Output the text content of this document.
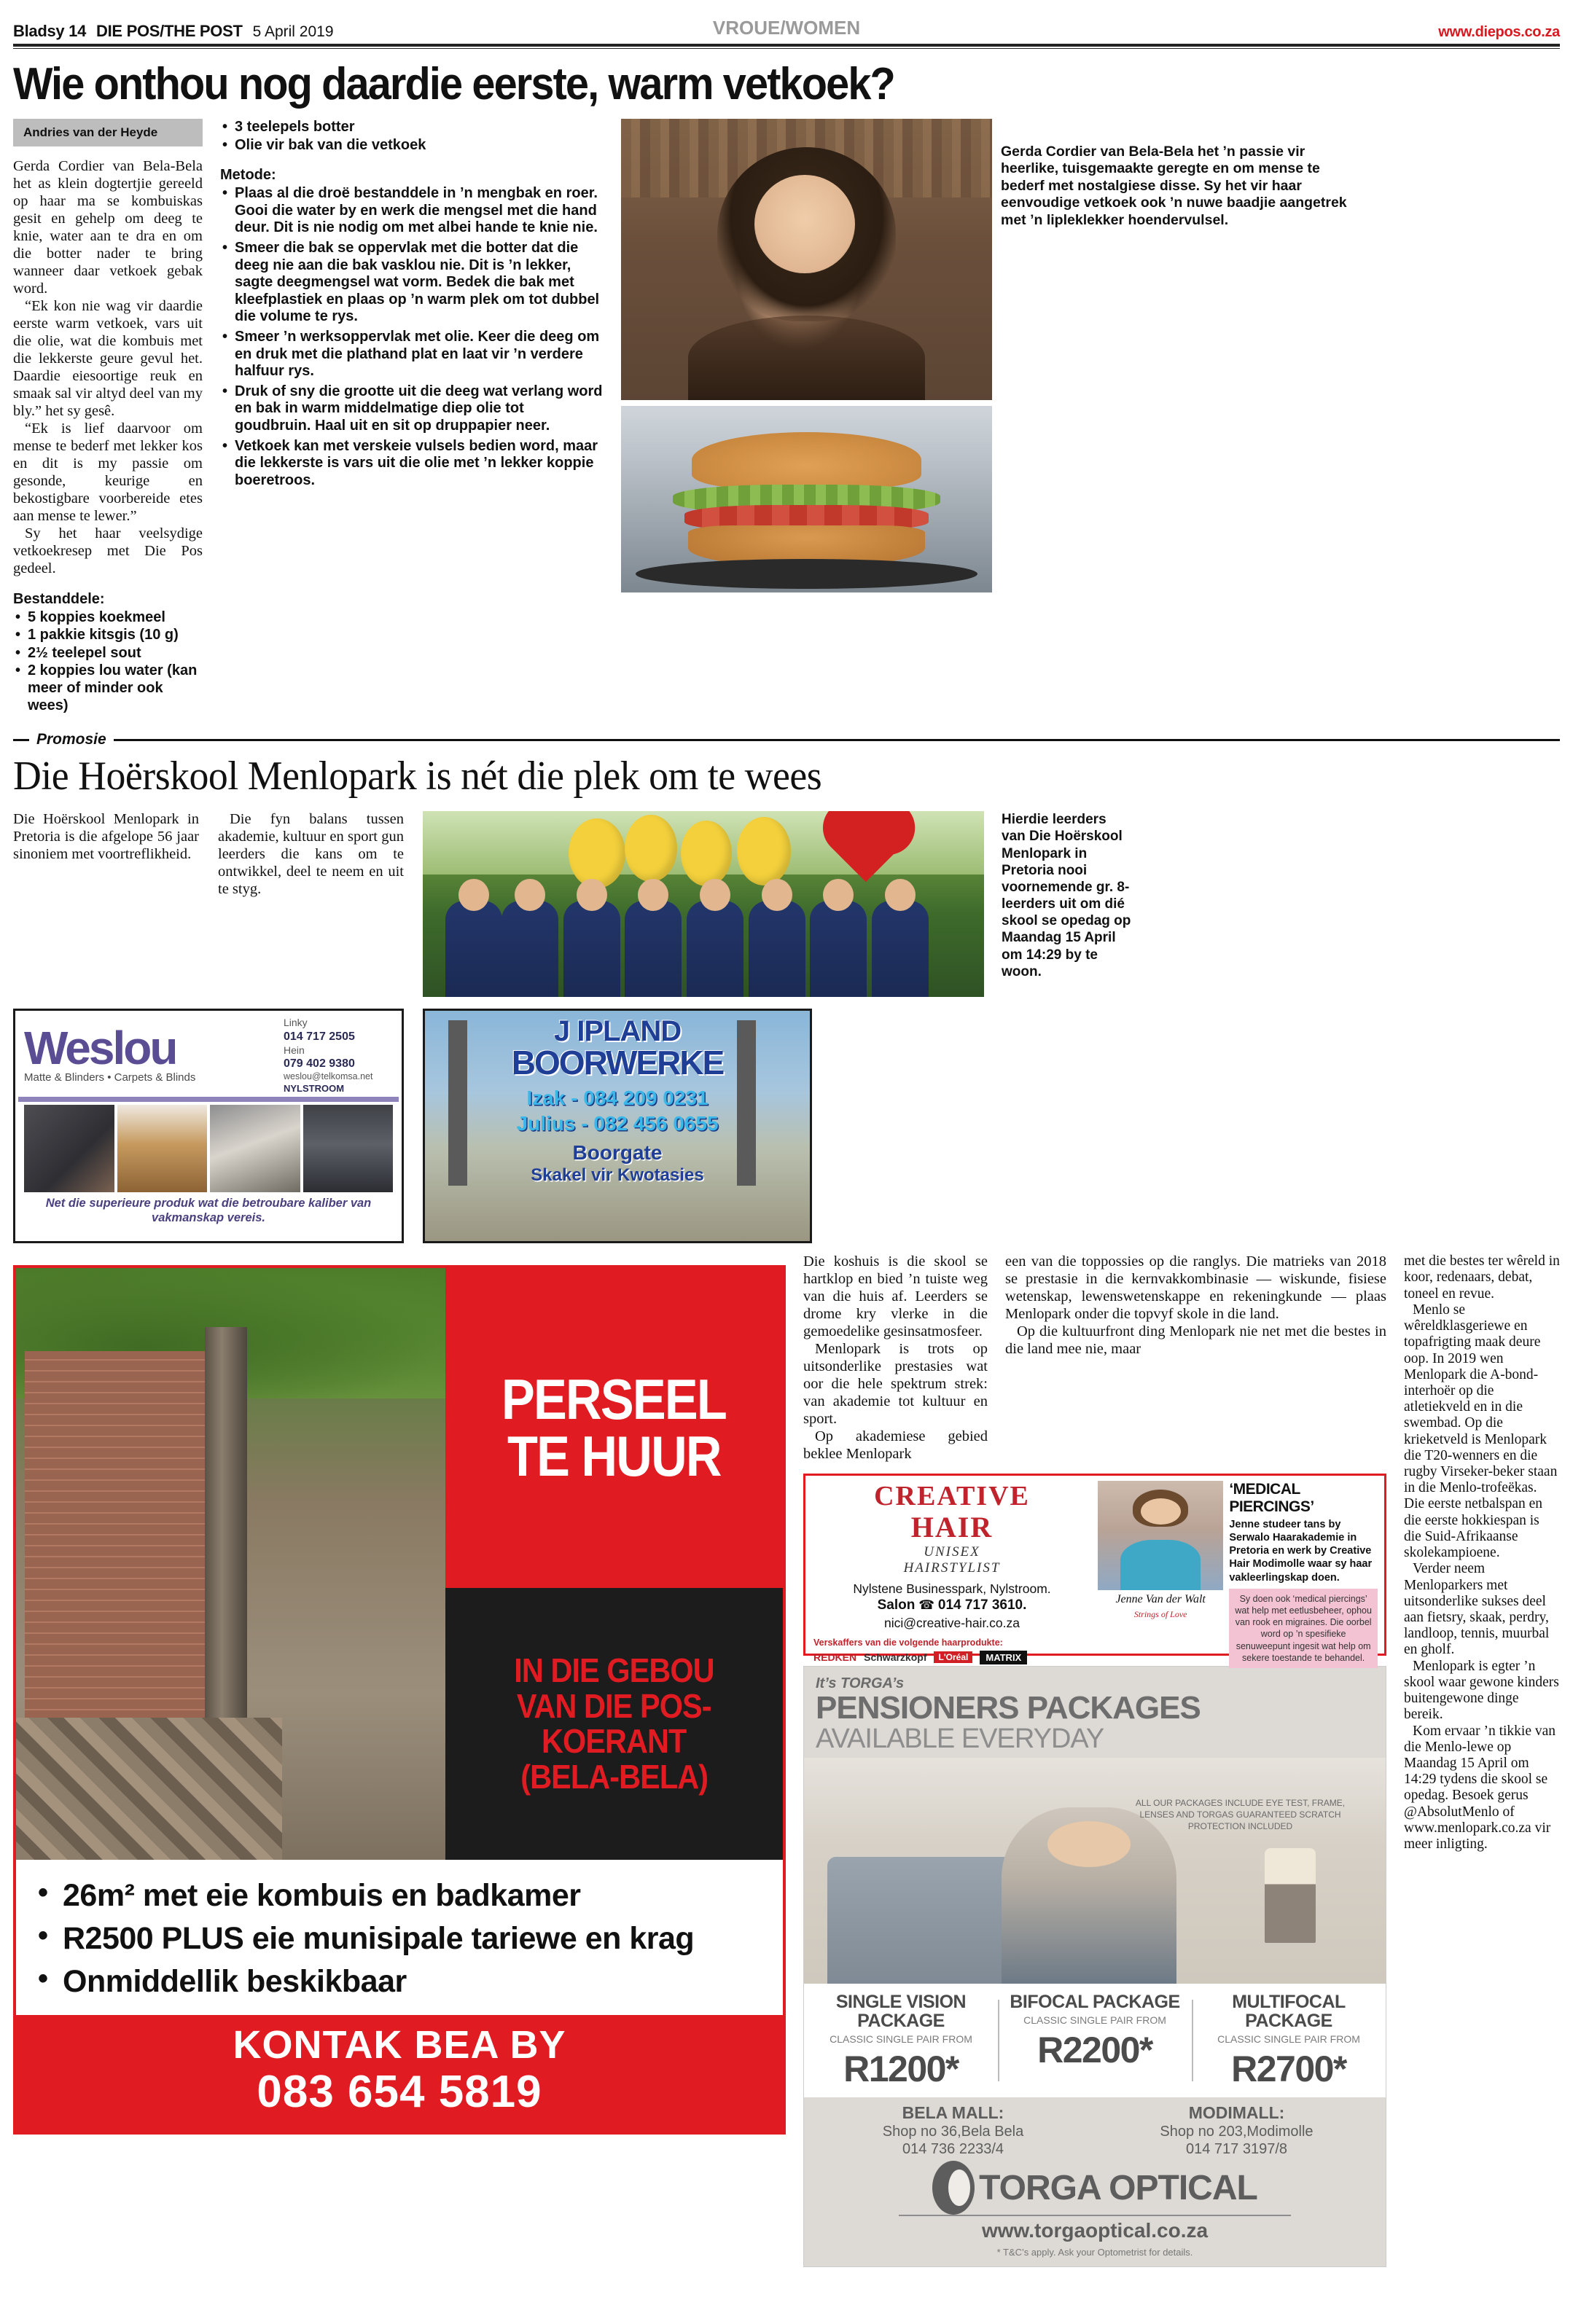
Bladsy 14 DIE POS/THE POST 5 April 2019	VROUE/WOMEN	www.diepos.co.za
Wie onthou nog daardie eerste, warm vetkoek?
Andries van der Heyde

Gerda Cordier van Bela-Bela het as klein dogtertjie gereeld op haar ma se kombuiskas gesit en gehelp om deeg te knie, water aan te dra en om die botter nader te bring wanneer daar vetkoek gebak word.

“Ek kon nie wag vir daardie eerste warm vetkoek, vars uit die olie, wat die kombuis met die lekkerste geure gevul het. Daardie eiesoortige reuk en smaak sal vir altyd deel van my bly.” het sy gesê.

“Ek is lief daarvoor om mense te bederf met lekker kos en dit is my passie om gesonde, keurige en bekostigbare voorbereide etes aan mense te lewer.”

Sy het haar veelsydige vetkoekresep met Die Pos gedeel.

Bestanddele:
• 5 koppies koekmeel
• 1 pakkie kitsgis (10 g)
• 2½ teelepel sout
• 2 koppies lou water (kan meer of minder ook wees)
• 3 teelepels botter
• Olie vir bak van die vetkoek
Metode:
• Plaas al die droë bestanddele in ’n mengbak en roer. Gooi die water by en werk die mengsel met die hand deur. Dit is nie nodig om met albei hande te knie nie.
• Smeer die bak se oppervlak met die botter dat die deeg nie aan die bak vasklou nie. Dit is ’n lekker, sagte deegmengsel wat vorm. Bedek die bak met kleefplastiek en plaas op ’n warm plek om tot dubbel die volume te rys.
• Smeer ’n werksoppervlak met olie. Keer die deeg om en druk met die plathand plat en laat vir ’n verdere halfuur rys.
• Druk of sny die grootte uit die deeg wat verlang word en bak in warm middelmatige diep olie tot goudbruin. Haal uit en sit op druppapier neer.
• Vetkoek kan met verskeie vulsels bedien word, maar die lekkerste is vars uit die olie met ’n lekker koppie boeretroos.
Gerda Cordier van Bela-Bela het ’n passie vir heerlike, tuisgemaakte geregte en om mense te bederf met nostalgiese disse. Sy het vir haar eenvoudige vetkoek ook ’n nuwe baadjie aangetrek met ’n lipleklekker hoendervulsel.
Promosie
Die Hoërskool Menlopark is nét die plek om te wees

Die Hoërskool Menlopark in Pretoria is die afgelope 56 jaar sinoniem met voortreflikheid.

Die fyn balans tussen akademie, kultuur en sport gun leerders die kans om te ontwikkel, deel te neem en uit te styg.

Hierdie leerders van Die Hoërskool Menlopark in Pretoria nooi voornemende gr. 8-leerders uit om dié skool se opedag op Maandag 15 April om 14:29 by te woon.
Weslou
Matte & Blinders • Carpets & Blinds
Linky
014 717 2505
Hein
079 402 9380
weslou@telkomsa.net
NYLSTROOM
Net die superieure produk wat die betroubare kaliber van vakmanskap vereis.
J IPLAND
BOORWERKE
Izak - 084 209 0231
Julius - 082 456 0655
Boorgate
Skakel vir Kwotasies
PERSEEL
TE HUUR
IN DIE GEBOU
VAN DIE POS-
KOERANT
(BELA-BELA)
• 26m² met eie kombuis en badkamer
• R2500 PLUS eie munisipale tariewe en krag
• Onmiddellik beskikbaar
KONTAK BEA BY
083 654 5819

Die koshuis is die skool se hartklop en bied ’n tuiste weg van die huis af. Leerders se drome kry vlerke in die gemoedelike gesinsatmosfeer.

Menlopark is trots op uitsonderlike prestasies wat oor die hele spektrum strek: van akademie tot kultuur en sport.

Op akademiese gebied beklee Menlopark

een van die toppossies op die ranglys. Die matrieks van 2018 se prestasie in die kernvakkombinasie — wiskunde, fisiese wetenskap, lewenswetenskappe en rekeningkunde — plaas Menlopark onder die topvyf skole in die land.

Op die kultuurfront ding Menlopark nie net met die bestes in die land mee nie, maar

CREATIVE
HAIR
UNISEX
HAIRSTYLIST
Nylstene Businesspark, Nylstroom.
Salon ☎ 014 717 3610.
nici@creative-hair.co.za
Verskaffers van die volgende haarprodukte:
REDKEN Schwarzkopf	L'Oréal	MATRIX
Jenne Van der Walt
Strings of Love
‘MEDICAL PIERCINGS’
Jenne studeer tans by Serwalo Haarakademie in Pretoria en werk by Creative Hair Modimolle waar sy haar vakleerlingskap doen.
Sy doen ook ‘medical piercings’ wat help met eetlusbeheer, ophou van rook en migraines. Die oorbel word op ’n spesifieke senuweepunt ingesit wat help om sekere toestande te behandel.
It’s TORGA’s
PENSIONERS PACKAGES
AVAILABLE EVERYDAY
ALL OUR PACKAGES INCLUDE EYE TEST, FRAME, LENSES AND TORGAS GUARANTEED SCRATCH PROTECTION INCLUDED
SINGLE VISION PACKAGE
CLASSIC SINGLE PAIR FROM
R1200*
BIFOCAL PACKAGE
CLASSIC SINGLE PAIR FROM
R2200*
MULTIFOCAL PACKAGE
CLASSIC SINGLE PAIR FROM
R2700*
BELA MALL:
Shop no 36,Bela Bela
014 736 2233/4
MODIMALL:
Shop no 203,Modimolle
014 717 3197/8
TORGA OPTICAL
www.torgaoptical.co.za
* T&C’s apply. Ask your Optometrist for details.

met die bestes ter wêreld in koor, redenaars, debat, toneel en revue.

Menlo se wêreldklasgeriewe en topafrigting maak deure oop. In 2019 wen Menlopark die A-bond-interhoër op die atletiekveld en in die swembad. Op die krieketveld is Menlopark die T20-wenners en die rugby Virseker-beker staan in die Menlo-trofeëkas. Die eerste netbalspan en die eerste hokkiespan is die Suid-Afrikaanse skolekampioene.

Verder neem Menloparkers met uitsonderlike sukses deel aan fietsry, skaak, perdry, landloop, tennis, muurbal en gholf.

Menlopark is egter ’n skool waar gewone kinders buitengewone dinge bereik.

Kom ervaar ’n tikkie van die Menlo-lewe op Maandag 15 April om 14:29 tydens die skool se opedag. Besoek gerus @AbsolutMenlo of www.menlopark.co.za vir meer inligting.
